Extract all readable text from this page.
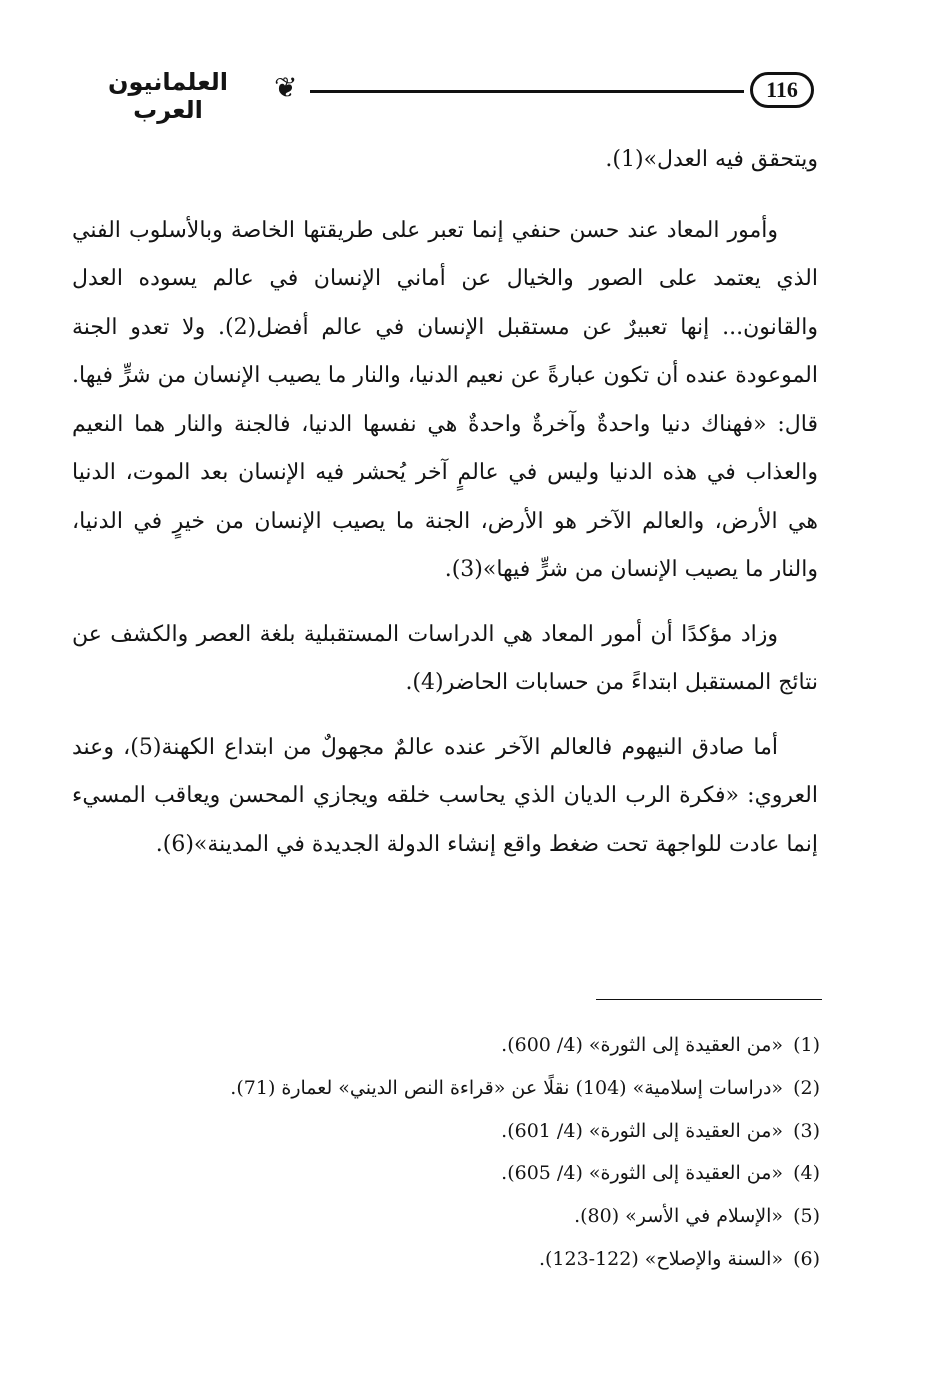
العلمانيون العرب
❦	116

ويتحقق فيه العدل»(1).

وأمور المعاد عند حسن حنفي إنما تعبر على طريقتها الخاصة وبالأسلوب الفني الذي يعتمد على الصور والخيال عن أماني الإنسان في عالم يسوده العدل والقانون... إنها تعبيرٌ عن مستقبل الإنسان في عالم أفضل(2). ولا تعدو الجنة الموعودة عنده أن تكون عبارةً عن نعيم الدنيا، والنار ما يصيب الإنسان من شرٍّ فيها. قال: «فهناك دنيا واحدةٌ وآخرةٌ واحدةٌ هي نفسها الدنيا، فالجنة والنار هما النعيم والعذاب في هذه الدنيا وليس في عالمٍ آخر يُحشر فيه الإنسان بعد الموت، الدنيا هي الأرض، والعالم الآخر هو الأرض، الجنة ما يصيب الإنسان من خيرٍ في الدنيا، والنار ما يصيب الإنسان من شرٍّ فيها»(3).

وزاد مؤكدًا أن أمور المعاد هي الدراسات المستقبلية بلغة العصر والكشف عن نتائج المستقبل ابتداءً من حسابات الحاضر(4).

أما صادق النيهوم فالعالم الآخر عنده عالمٌ مجهولٌ من ابتداع الكهنة(5)، وعند العروي: «فكرة الرب الديان الذي يحاسب خلقه ويجازي المحسن ويعاقب المسيء إنما عادت للواجهة تحت ضغط واقع إنشاء الدولة الجديدة في المدينة»(6).

(1)«من العقيدة إلى الثورة» (4/ 600).
(2)«دراسات إسلامية» (104) نقلًا عن «قراءة النص الديني» لعمارة (71).
(3)«من العقيدة إلى الثورة» (4/ 601).
(4)«من العقيدة إلى الثورة» (4/ 605).
(5)«الإسلام في الأسر» (80).
(6)«السنة والإصلاح» (122-123).
